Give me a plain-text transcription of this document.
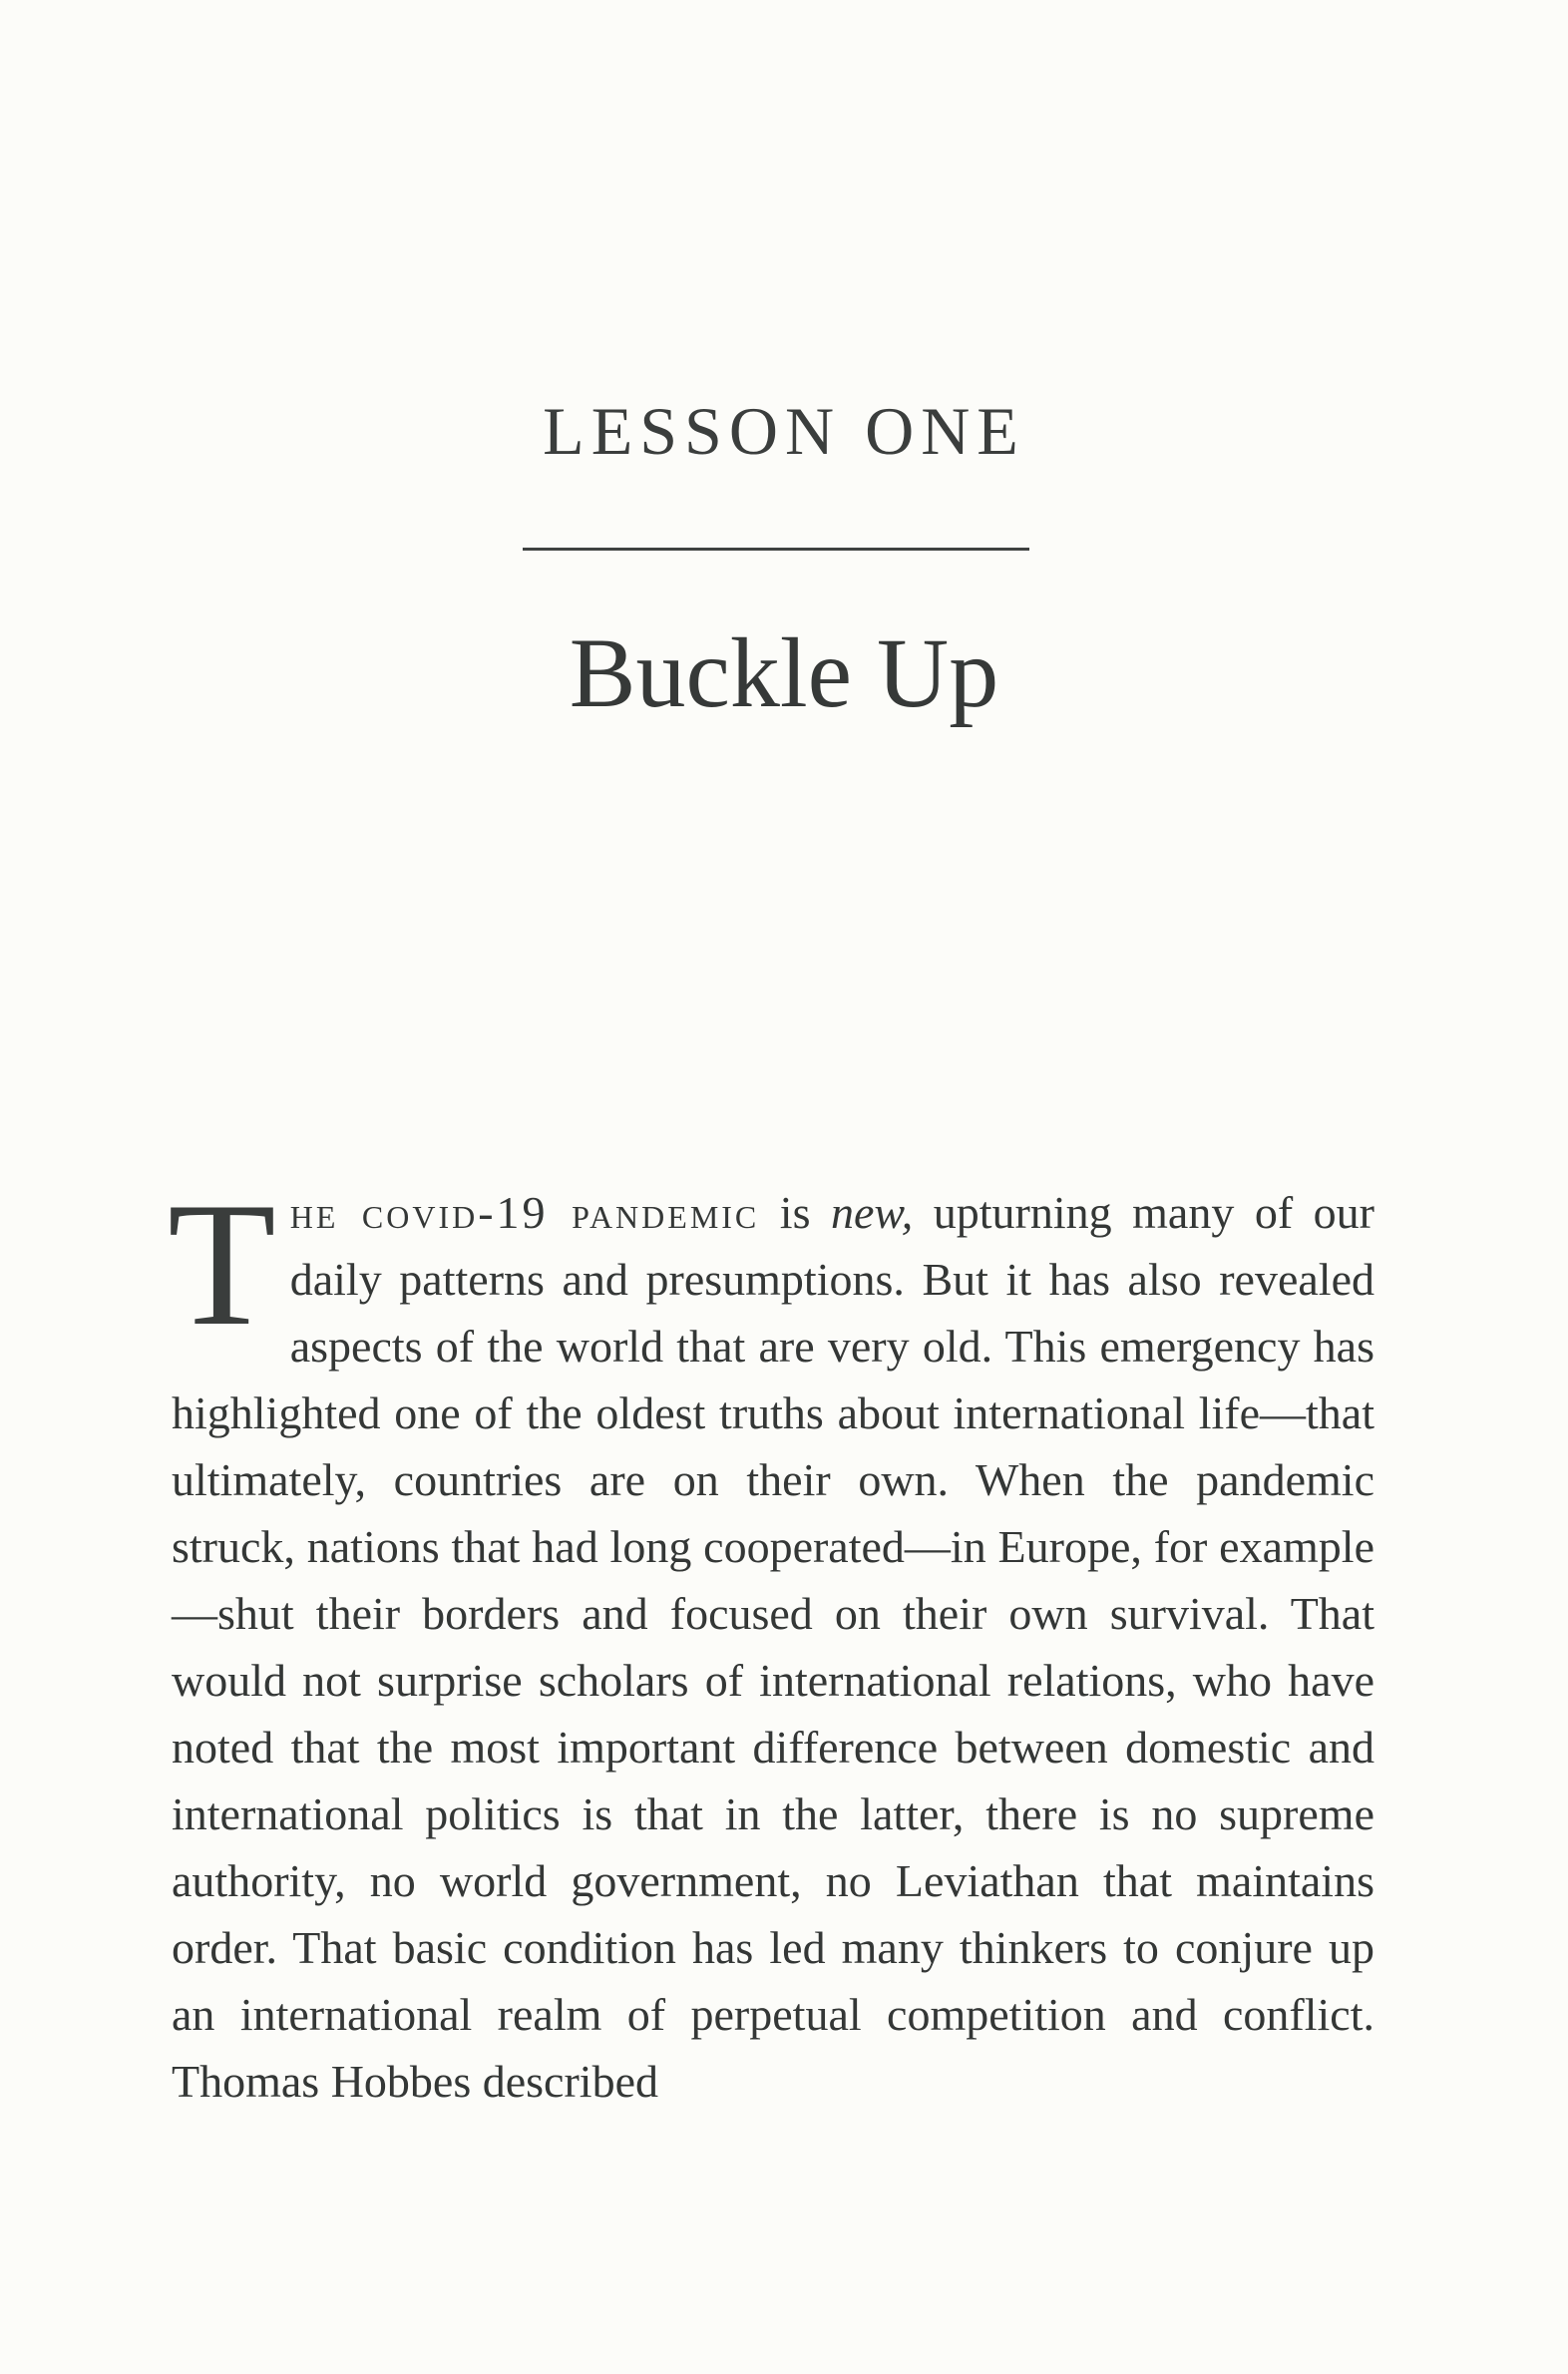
LESSON ONE
Buckle Up
The covid-19 pandemic is new, upturning many of our daily patterns and presumptions. But it has also revealed aspects of the world that are very old. This emergency has highlighted one of the oldest truths about international life—that ultimately, countries are on their own. When the pandemic struck, nations that had long cooperated—in Europe, for example—shut their borders and focused on their own survival. That would not surprise scholars of international relations, who have noted that the most important difference between domestic and international politics is that in the latter, there is no supreme authority, no world government, no Leviathan that maintains order. That basic condition has led many thinkers to conjure up an international realm of perpetual competition and conflict. Thomas Hobbes described
